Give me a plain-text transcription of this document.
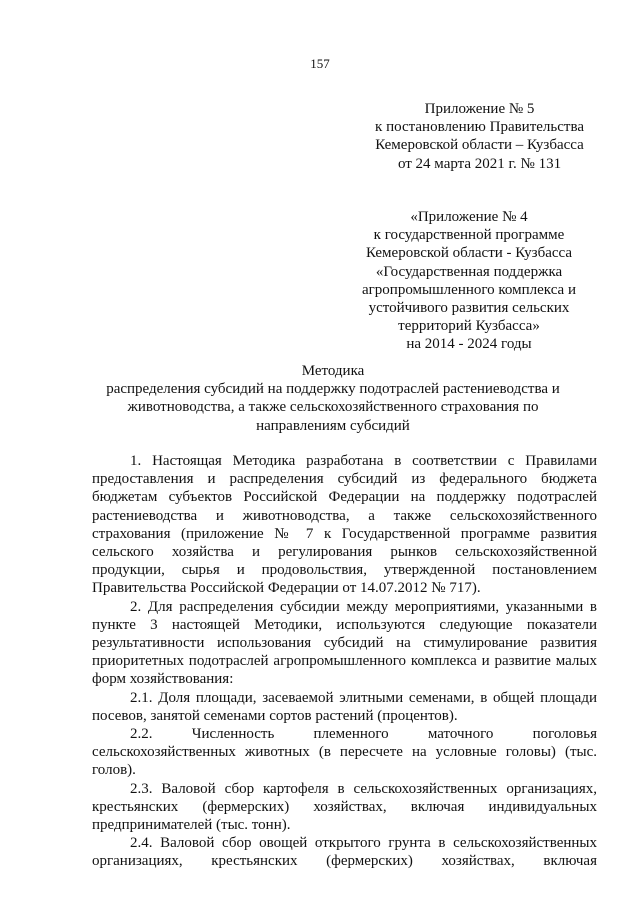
157
Приложение № 5
к постановлению Правительства
Кемеровской области – Кузбасса
от 24 марта 2021 г. № 131
«Приложение № 4
к государственной программе
Кемеровской области - Кузбасса
«Государственная поддержка
агропромышленного комплекса и
устойчивого развития сельских
территорий Кузбасса»
на 2014 - 2024 годы
Методика
распределения субсидий на поддержку подотраслей растениеводства и животноводства, а также сельскохозяйственного страхования по направлениям субсидий

1. Настоящая Методика разработана в соответствии с Правилами предоставления и распределения субсидий из федерального бюджета бюджетам субъектов Российской Федерации на поддержку подотраслей растениеводства и животноводства, а также сельскохозяйственного страхования (приложение № 7 к Государственной программе развития сельского хозяйства и регулирования рынков сельскохозяйственной продукции, сырья и продовольствия, утвержденной постановлением Правительства Российской Федерации от 14.07.2012 № 717).

2. Для распределения субсидии между мероприятиями, указанными в пункте 3 настоящей Методики, используются следующие показатели результативности использования субсидий на стимулирование развития приоритетных подотраслей агропромышленного комплекса и развитие малых форм хозяйствования:

2.1. Доля площади, засеваемой элитными семенами, в общей площади посевов, занятой семенами сортов растений (процентов).

2.2. Численность племенного маточного поголовья сельскохозяйственных животных (в пересчете на условные головы) (тыс. голов).

2.3. Валовой сбор картофеля в сельскохозяйственных организациях, крестьянских (фермерских) хозяйствах, включая индивидуальных предпринимателей (тыс. тонн).

2.4. Валовой сбор овощей открытого грунта в сельскохозяйственных организациях, крестьянских (фермерских) хозяйствах, включая
